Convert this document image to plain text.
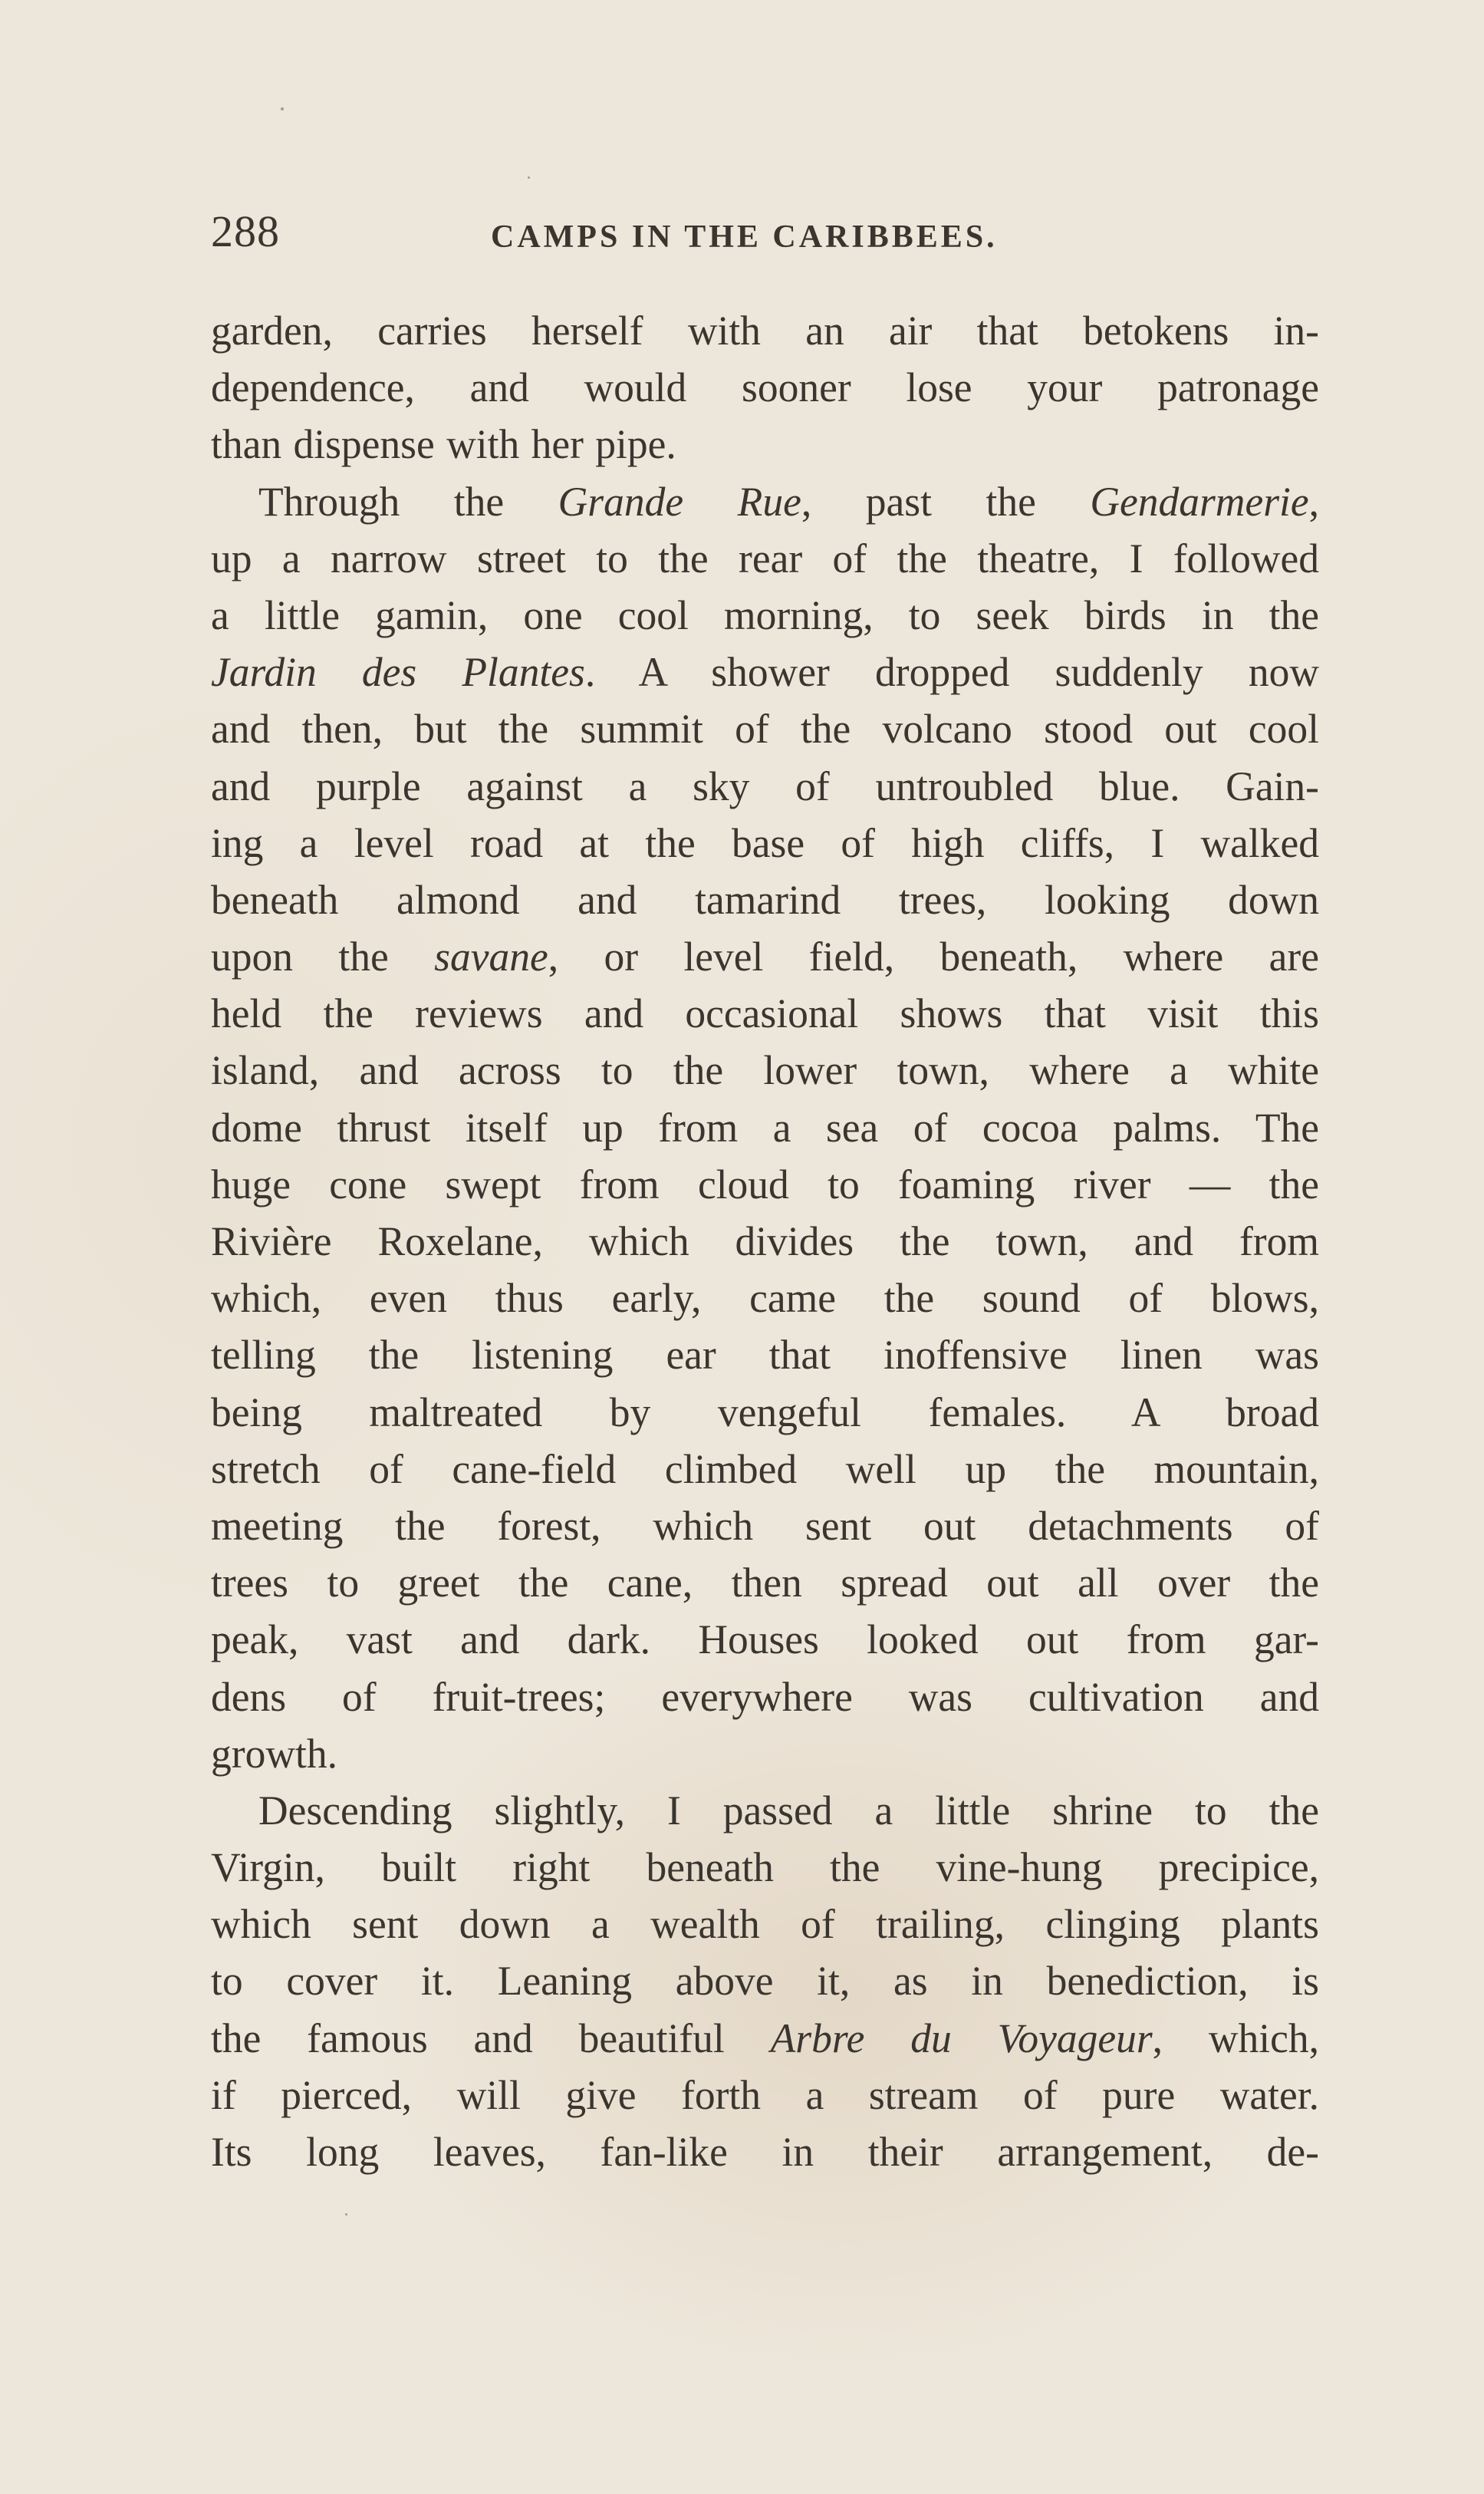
288	CAMPS IN THE CARIBBEES.
garden, carries herself with an air that betokens in-
dependence, and would sooner lose your patronage
than dispense with her pipe.
Through the Grande Rue, past the Gendarmerie,
up a narrow street to the rear of the theatre, I followed
a little gamin, one cool morning, to seek birds in the
Jardin des Plantes. A shower dropped suddenly now
and then, but the summit of the volcano stood out cool
and purple against a sky of untroubled blue. Gain-
ing a level road at the base of high cliffs, I walked
beneath almond and tamarind trees, looking down
upon the savane, or level field, beneath, where are
held the reviews and occasional shows that visit this
island, and across to the lower town, where a white
dome thrust itself up from a sea of cocoa palms. The
huge cone swept from cloud to foaming river — the
Rivière Roxelane, which divides the town, and from
which, even thus early, came the sound of blows,
telling the listening ear that inoffensive linen was
being maltreated by vengeful females. A broad
stretch of cane-field climbed well up the mountain,
meeting the forest, which sent out detachments of
trees to greet the cane, then spread out all over the
peak, vast and dark. Houses looked out from gar-
dens of fruit-trees; everywhere was cultivation and
growth.
Descending slightly, I passed a little shrine to the
Virgin, built right beneath the vine-hung precipice,
which sent down a wealth of trailing, clinging plants
to cover it. Leaning above it, as in benediction, is
the famous and beautiful Arbre du Voyageur, which,
if pierced, will give forth a stream of pure water.
Its long leaves, fan-like in their arrangement, de-
